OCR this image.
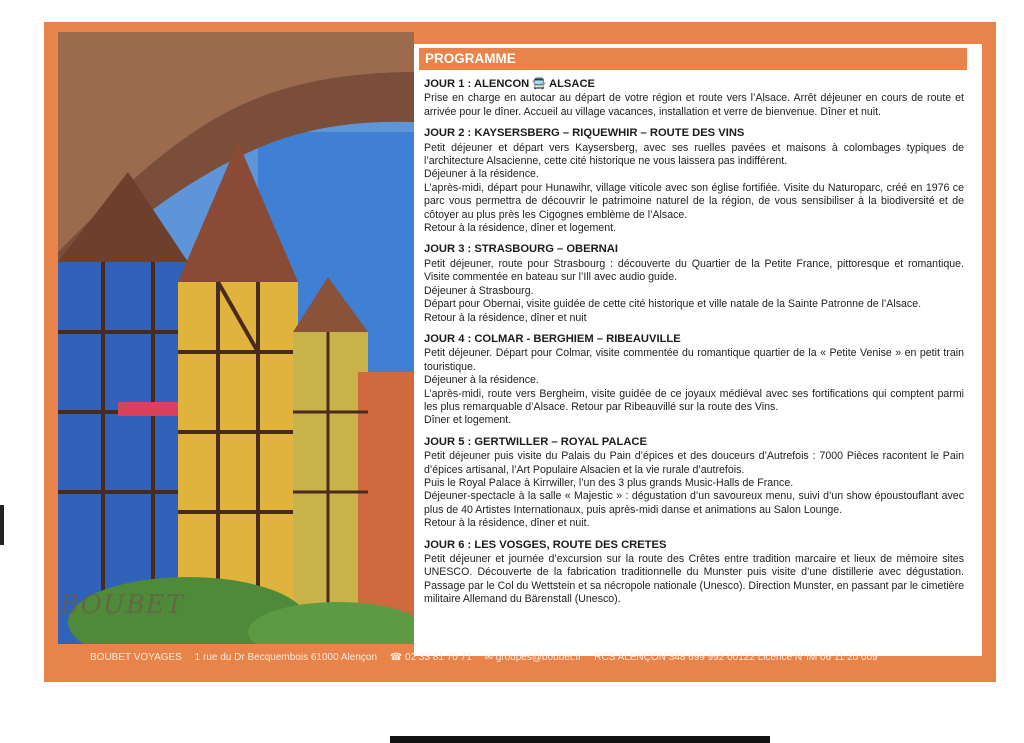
BOUBET
PROGRAMME
JOUR 1 : ALENCON 🚍 ALSACE
Prise en charge en autocar au départ de votre région et route vers l’Alsace. Arrêt déjeuner en cours de route et arrivée pour le dîner. Accueil au village vacances, installation et verre de bienvenue. Dîner et nuit.
JOUR 2 : KAYSERSBERG – RIQUEWHIR – ROUTE DES VINS
Petit déjeuner et départ vers Kaysersberg, avec ses ruelles pavées et maisons à colombages typiques de l’architecture Alsacienne, cette cité historique ne vous laissera pas indifférent.
Déjeuner à la résidence.
L’après-midi, départ pour Hunawihr, village viticole avec son église fortifiée. Visite du Naturoparc, créé en 1976 ce parc vous permettra de découvrir le patrimoine naturel de la région, de vous sensibiliser à la biodiversité et de côtoyer au plus près les Cigognes emblème de l’Alsace.
Retour à la résidence, dîner et logement.
JOUR 3 : STRASBOURG – OBERNAI
Petit déjeuner, route pour Strasbourg : découverte du Quartier de la Petite France, pittoresque et romantique. Visite commentée en bateau sur l’Ill avec audio guide.
Déjeuner à Strasbourg.
Départ pour Obernai, visite guidée de cette cité historique et ville natale de la Sainte Patronne de l’Alsace.
Retour à la résidence, dîner et nuit
JOUR 4 : COLMAR - BERGHIEM – RIBEAUVILLE
Petit déjeuner. Départ pour Colmar, visite commentée du romantique quartier de la « Petite Venise » en petit train touristique.
Déjeuner à la résidence.
L’après-midi, route vers Bergheim, visite guidée de ce joyaux médiéval avec ses fortifications qui comptent parmi les plus remarquable d’Alsace. Retour par Ribeauvillé sur la route des Vins.
Dîner et logement.
JOUR 5 : GERTWILLER – ROYAL PALACE
Petit déjeuner puis visite du Palais du Pain d’épices et des douceurs d’Autrefois : 7000 Pièces racontent le Pain d’épices artisanal, l’Art Populaire Alsacien et la vie rurale d’autrefois.
Puis le Royal Palace à Kirrwiller, l’un des 3 plus grands Music-Halls de France.
Déjeuner-spectacle à la salle « Majestic » : dégustation d’un savoureux menu, suivi d’un show époustouflant avec plus de 40 Artistes Internationaux, puis après-midi danse et animations au Salon Lounge.
Retour à la résidence, dîner et nuit.
JOUR 6 : LES VOSGES, ROUTE DES CRETES
Petit déjeuner et journée d’excursion sur la route des Crêtes entre tradition marcaire et lieux de mémoire sites UNESCO. Découverte de la fabrication traditionnelle du Munster puis visite d’une distillerie avec dégustation. Passage par le Col du Wettstein et sa nécropole nationale (Unesco). Direction Munster, en passant par le cimetière militaire Allemand du Bärenstall (Unesco).
BOUBET VOYAGES 1 rue du Dr Becquembois 61000 Alençon ☎ 02 33 81 70 71 ✉ groupes@boubet.fr RCS ALENÇON 348 699 992 00122 Licence N°IM 06 11 20 009
